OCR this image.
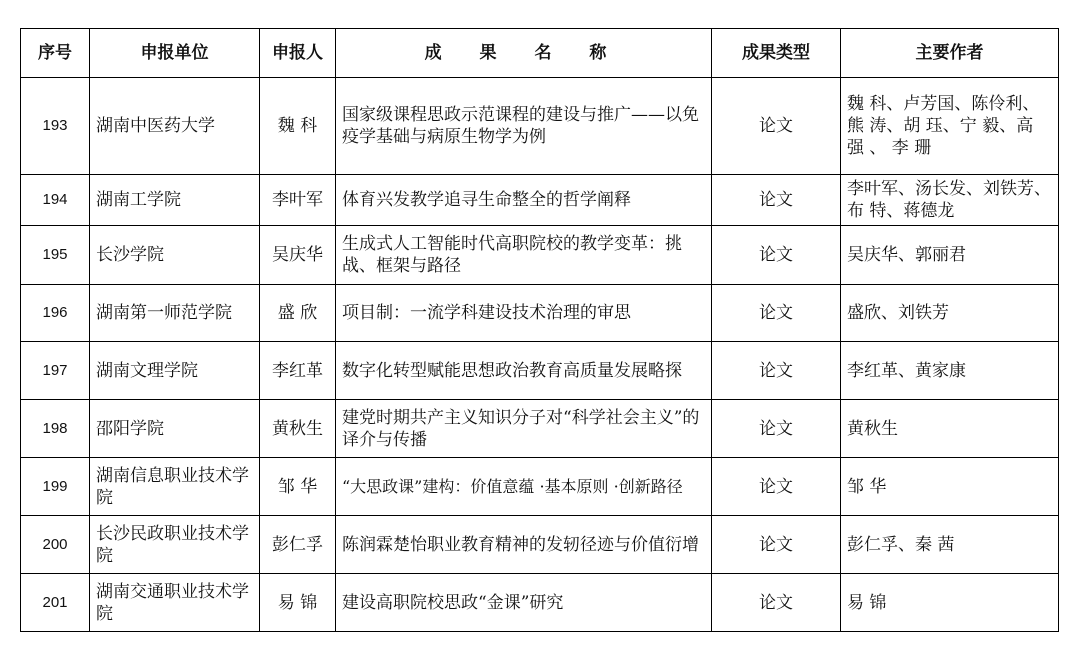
序号	申报单位	申报人	成 果 名 称	成果类型	主要作者
193	湖南中医药大学	魏 科	国家级课程思政示范课程的建设与推广——以免疫学基础与病原生物学为例	论文	魏 科、卢芳国、陈伶利、熊 涛、胡 珏、宁 毅、高 强 、 李 珊
194	湖南工学院	李叶军	体育兴发教学追寻生命整全的哲学阐释	论文	李叶军、汤长发、刘铁芳、布 特、蒋德龙
195	长沙学院	吴庆华	生成式人工智能时代高职院校的教学变革：挑战、框架与路径	论文	吴庆华、郭丽君
196	湖南第一师范学院	盛 欣	项目制：一流学科建设技术治理的审思	论文	盛欣、刘铁芳
197	湖南文理学院	李红革	数字化转型赋能思想政治教育高质量发展略探	论文	李红革、黄家康
198	邵阳学院	黄秋生	建党时期共产主义知识分子对“科学社会主义”的译介与传播	论文	黄秋生
199	湖南信息职业技术学院	邹 华	“大思政课”建构：价值意蕴 ·基本原则 ·创新路径	论文	邹 华
200	长沙民政职业技术学院	彭仁孚	陈润霖楚怡职业教育精神的发轫径迹与价值衍增	论文	彭仁孚、秦 茜
201	湖南交通职业技术学院	易 锦	建设高职院校思政“金课”研究	论文	易 锦
